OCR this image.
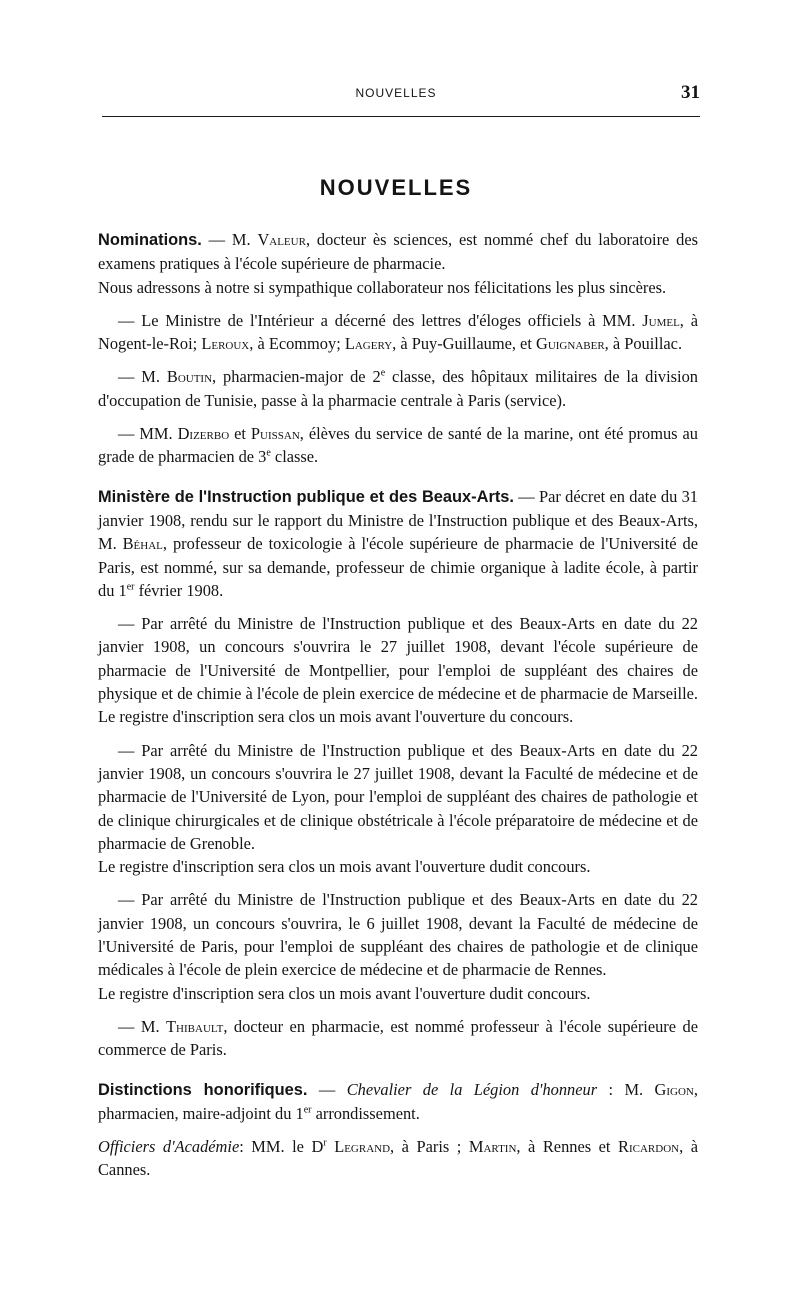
NOUVELLES	31
NOUVELLES

Nominations. — M. Valeur, docteur ès sciences, est nommé chef du laboratoire des examens pratiques à l'école supérieure de pharmacie.

Nous adressons à notre si sympathique collaborateur nos félicitations les plus sincères.

— Le Ministre de l'Intérieur a décerné des lettres d'éloges officiels à MM. Jumel, à Nogent-le-Roi; Leroux, à Ecommoy; Lagery, à Puy-Guillaume, et Guignaber, à Pouillac.

— M. Boutin, pharmacien-major de 2e classe, des hôpitaux militaires de la division d'occupation de Tunisie, passe à la pharmacie centrale à Paris (service).

— MM. Dizerbo et Puissan, élèves du service de santé de la marine, ont été promus au grade de pharmacien de 3e classe.

Ministère de l'Instruction publique et des Beaux-Arts. — Par décret en date du 31 janvier 1908, rendu sur le rapport du Ministre de l'Instruction publique et des Beaux-Arts, M. Béhal, professeur de toxicologie à l'école supérieure de pharmacie de l'Université de Paris, est nommé, sur sa demande, professeur de chimie organique à ladite école, à partir du 1er février 1908.

— Par arrêté du Ministre de l'Instruction publique et des Beaux-Arts en date du 22 janvier 1908, un concours s'ouvrira le 27 juillet 1908, devant l'école supérieure de pharmacie de l'Université de Montpellier, pour l'emploi de suppléant des chaires de physique et de chimie à l'école de plein exercice de médecine et de pharmacie de Marseille.

Le registre d'inscription sera clos un mois avant l'ouverture du concours.

— Par arrêté du Ministre de l'Instruction publique et des Beaux-Arts en date du 22 janvier 1908, un concours s'ouvrira le 27 juillet 1908, devant la Faculté de médecine et de pharmacie de l'Université de Lyon, pour l'emploi de suppléant des chaires de pathologie et de clinique chirurgicales et de clinique obstétricale à l'école préparatoire de médecine et de pharmacie de Grenoble.

Le registre d'inscription sera clos un mois avant l'ouverture dudit concours.

— Par arrêté du Ministre de l'Instruction publique et des Beaux-Arts en date du 22 janvier 1908, un concours s'ouvrira, le 6 juillet 1908, devant la Faculté de médecine de l'Université de Paris, pour l'emploi de suppléant des chaires de pathologie et de clinique médicales à l'école de plein exercice de médecine et de pharmacie de Rennes.

Le registre d'inscription sera clos un mois avant l'ouverture dudit concours.

— M. Thibault, docteur en pharmacie, est nommé professeur à l'école supérieure de commerce de Paris.

Distinctions honorifiques. — Chevalier de la Légion d'honneur : M. Gigon, pharmacien, maire-adjoint du 1er arrondissement.

Officiers d'Académie: MM. le $D^r$ Legrand, à Paris ; Martin, à Rennes et Ricardon, à Cannes.
